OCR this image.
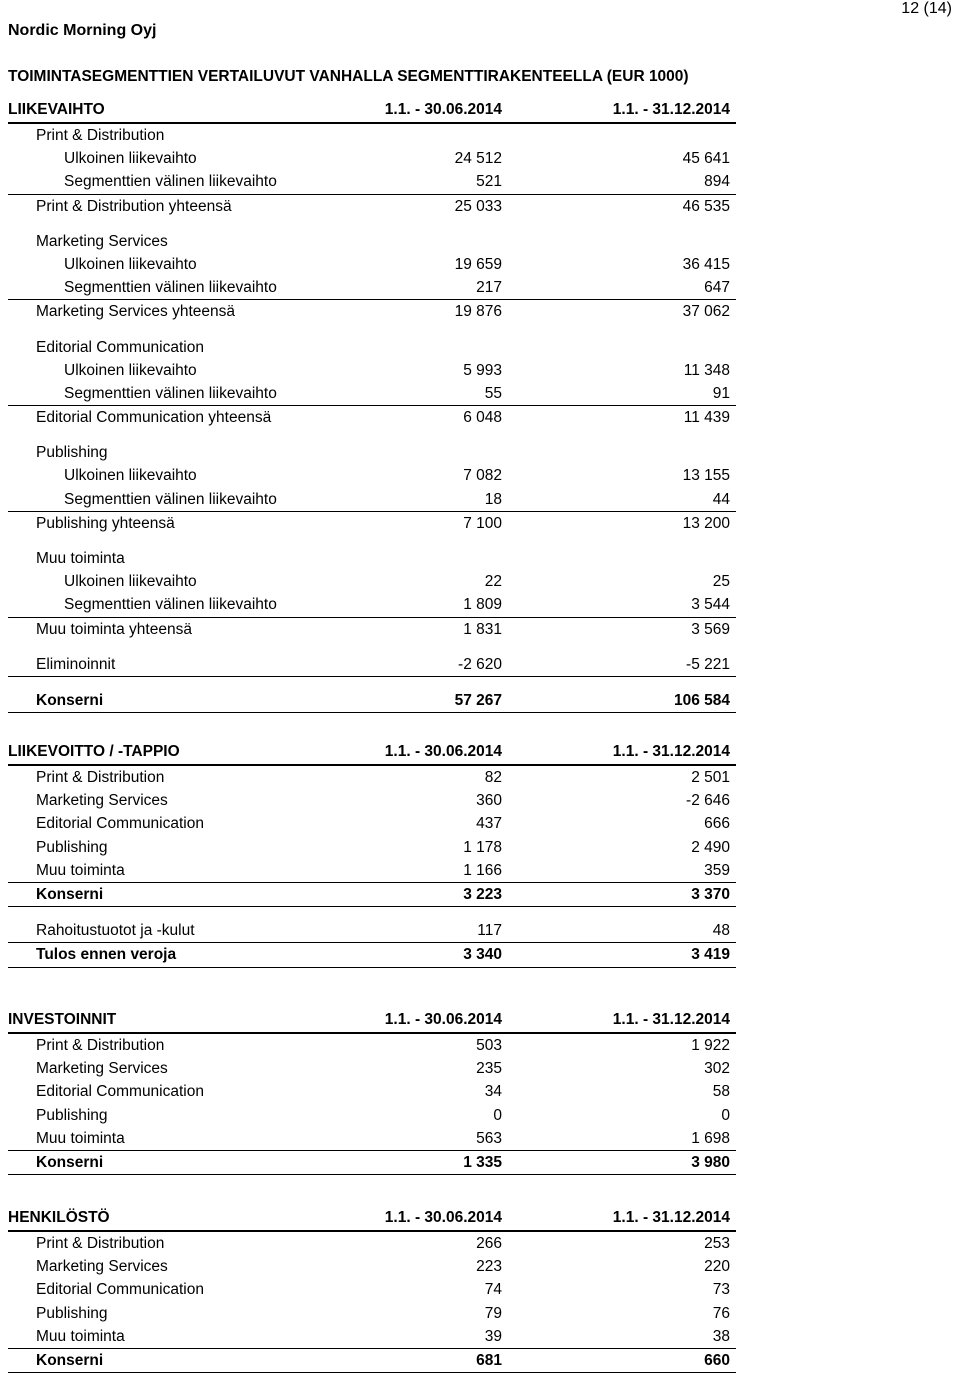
Nordic Morning Oyj
12 (14)
TOIMINTASEGMENTTIEN VERTAILUVUT VANHALLA SEGMENTTIRAKENTEELLA (EUR 1000)
LIIKEVAIHTO	1.1. - 30.06.2014	1.1. - 31.12.2014
Print & Distribution
Ulkoinen liikevaihto	24 512	45 641
Segmenttien välinen liikevaihto	521	894
Print & Distribution yhteensä	25 033	46 535
Marketing Services
Ulkoinen liikevaihto	19 659	36 415
Segmenttien välinen liikevaihto	217	647
Marketing Services yhteensä	19 876	37 062
Editorial Communication
Ulkoinen liikevaihto	5 993	11 348
Segmenttien välinen liikevaihto	55	91
Editorial Communication yhteensä	6 048	11 439
Publishing
Ulkoinen liikevaihto	7 082	13 155
Segmenttien välinen liikevaihto	18	44
Publishing yhteensä	7 100	13 200
Muu toiminta
Ulkoinen liikevaihto	22	25
Segmenttien välinen liikevaihto	1 809	3 544
Muu toiminta yhteensä	1 831	3 569
Eliminoinnit	-2 620	-5 221
Konserni	57 267	106 584
LIIKEVOITTO / -TAPPIO	1.1. - 30.06.2014	1.1. - 31.12.2014
Print & Distribution	82	2 501
Marketing Services	360	-2 646
Editorial Communication	437	666
Publishing	1 178	2 490
Muu toiminta	1 166	359
Konserni	3 223	3 370
Rahoitustuotot ja -kulut	117	48
Tulos ennen veroja	3 340	3 419
INVESTOINNIT	1.1. - 30.06.2014	1.1. - 31.12.2014
Print & Distribution	503	1 922
Marketing Services	235	302
Editorial Communication	34	58
Publishing	0	0
Muu toiminta	563	1 698
Konserni	1 335	3 980
HENKILÖSTÖ	1.1. - 30.06.2014	1.1. - 31.12.2014
Print & Distribution	266	253
Marketing Services	223	220
Editorial Communication	74	73
Publishing	79	76
Muu toiminta	39	38
Konserni	681	660
